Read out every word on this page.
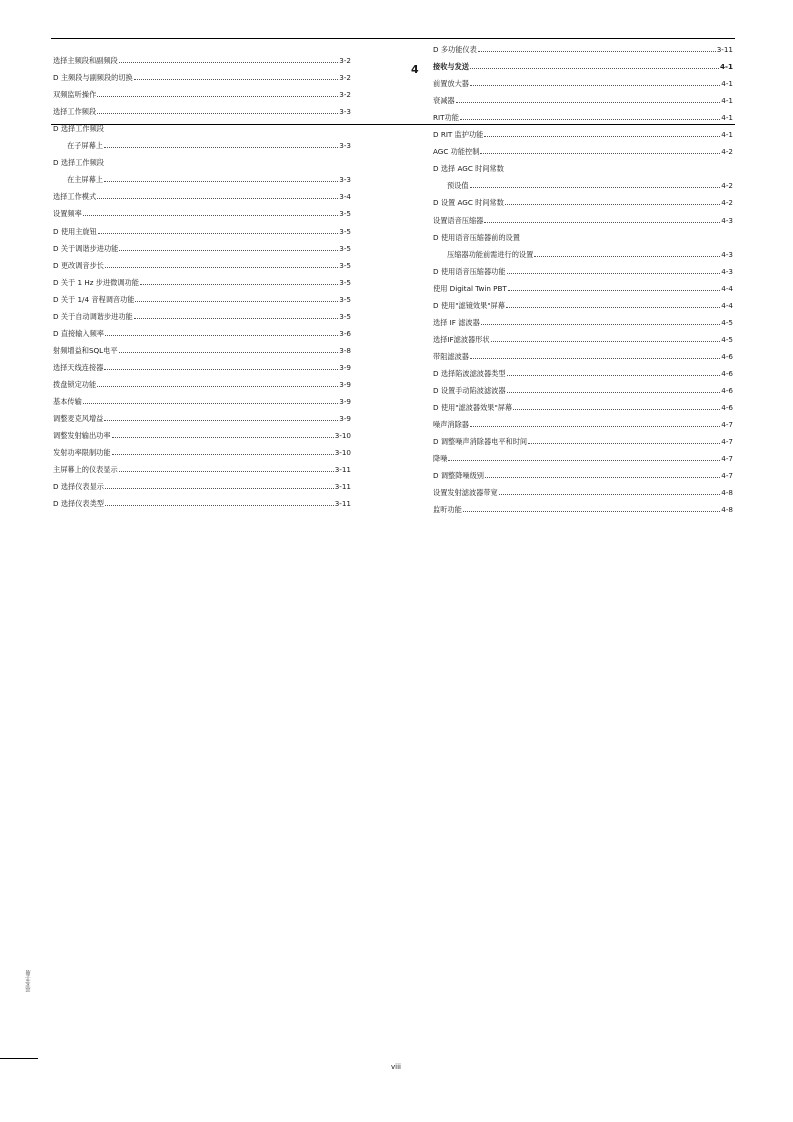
4
选择主频段和副频段	3-2
D 主频段与副频段的切换	3-2
双频监听操作	3-2
选择工作频段	3-3
D 选择工作频段
在子屏幕上	3-3
D 选择工作频段
在主屏幕上	3-3
选择工作模式	3-4
设置频率	3-5
D 使用主旋钮	3-5
D 关于调谐步进功能	3-5
D 更改调音步长	3-5
D 关于 1 Hz 步进微调功能	3-5
D 关于 1/4 音程调音功能	3-5
D 关于自动调谐步进功能	3-5
D 直接输入频率	3-6
射频增益和SQL电平	3-8
选择天线连接器	3-9
拨盘锁定功能	3-9
基本传输	3-9
调整麦克风增益	3-9
调整发射输出功率	3-10
发射功率限制功能	3-10
主屏幕上的仪表显示	3-11
D 选择仪表显示	3-11
D 选择仪表类型	3-11
D 多功能仪表	3-11
接收与发送	4-1
前置放大器	4-1
衰减器	4-1
RIT功能	4-1
D RIT 监护功能	4-1
AGC 功能控制	4-2
D 选择 AGC 时间常数
预设值	4-2
D 设置 AGC 时间常数	4-2
设置语音压缩器	4-3
D 使用语音压缩器前的设置
压缩器功能前需进行的设置	4-3
D 使用语音压缩器功能	4-3
使用 Digital Twin PBT	4-4
D 使用"滤镜效果"屏幕	4-4
选择 IF 滤波器	4-5
选择IF滤波器形状	4-5
带阻滤波器	4-6
D 选择陷波滤波器类型	4-6
D 设置手动陷波滤波器	4-6
D 使用"滤波器效果"屏幕	4-6
噪声消除器	4-7
D 调整噪声消除器电平和时间	4-7
降噪	4-7
D 调整降噪级别	4-7
设置发射滤波器带宽	4-8
监听功能	4-8
viii
基本手册
